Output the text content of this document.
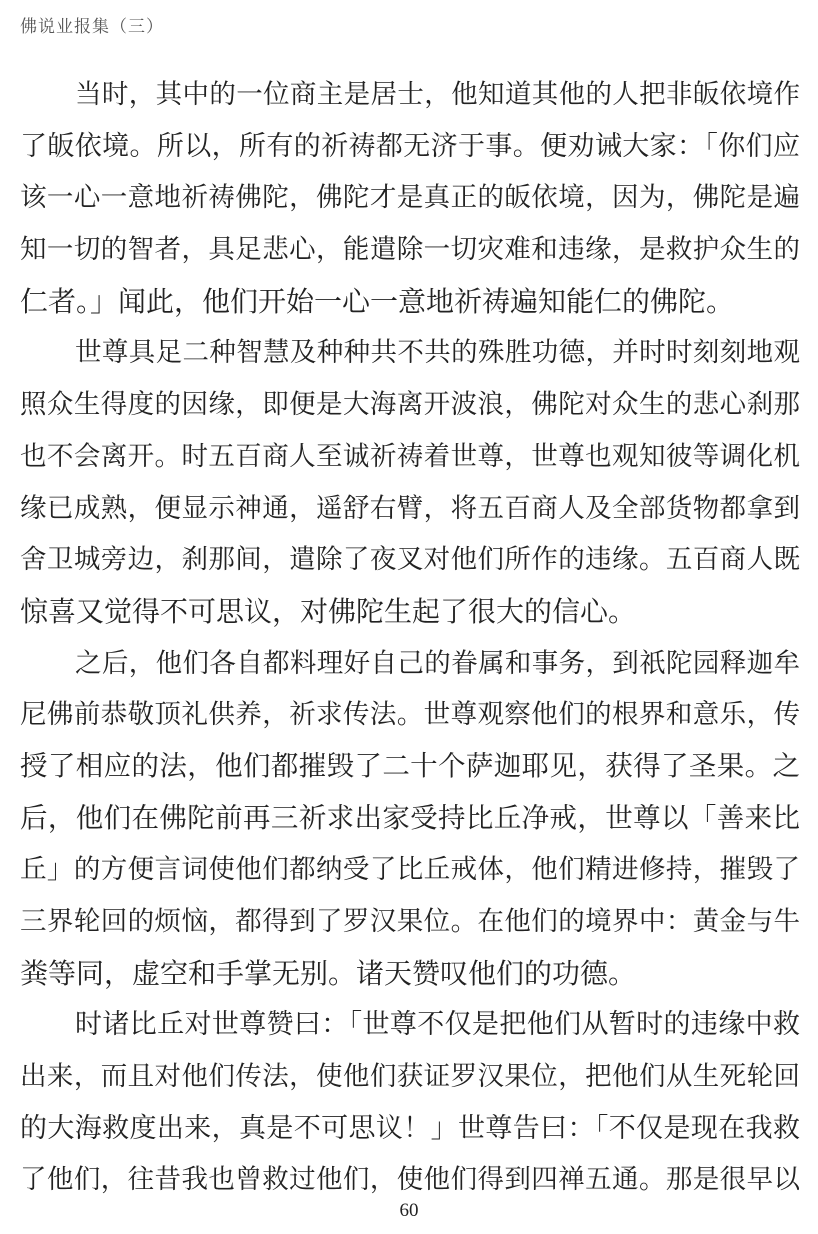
佛说业报集（三）
当时，其中的一位商主是居士，他知道其他的人把非皈依境作
了皈依境。所以，所有的祈祷都无济于事。便劝诫大家：「你们应
该一心一意地祈祷佛陀，佛陀才是真正的皈依境，因为，佛陀是遍
知一切的智者，具足悲心，能遣除一切灾难和违缘，是救护众生的
仁者。」闻此，他们开始一心一意地祈祷遍知能仁的佛陀。
世尊具足二种智慧及种种共不共的殊胜功德，并时时刻刻地观
照众生得度的因缘，即便是大海离开波浪，佛陀对众生的悲心刹那
也不会离开。时五百商人至诚祈祷着世尊，世尊也观知彼等调化机
缘已成熟，便显示神通，遥舒右臂，将五百商人及全部货物都拿到
舍卫城旁边，刹那间，遣除了夜叉对他们所作的违缘。五百商人既
惊喜又觉得不可思议，对佛陀生起了很大的信心。
之后，他们各自都料理好自己的眷属和事务，到祇陀园释迦牟
尼佛前恭敬顶礼供养，祈求传法。世尊观察他们的根界和意乐，传
授了相应的法，他们都摧毁了二十个萨迦耶见，获得了圣果。之
后，他们在佛陀前再三祈求出家受持比丘净戒，世尊以「善来比
丘」的方便言词使他们都纳受了比丘戒体，他们精进修持，摧毁了
三界轮回的烦恼，都得到了罗汉果位。在他们的境界中：黄金与牛
粪等同，虚空和手掌无别。诸天赞叹他们的功德。
时诸比丘对世尊赞曰：「世尊不仅是把他们从暂时的违缘中救
出来，而且对他们传法，使他们获证罗汉果位，把他们从生死轮回
的大海救度出来，真是不可思议！」世尊告曰：「不仅是现在我救
了他们，往昔我也曾救过他们，使他们得到四禅五通。那是很早以
60
